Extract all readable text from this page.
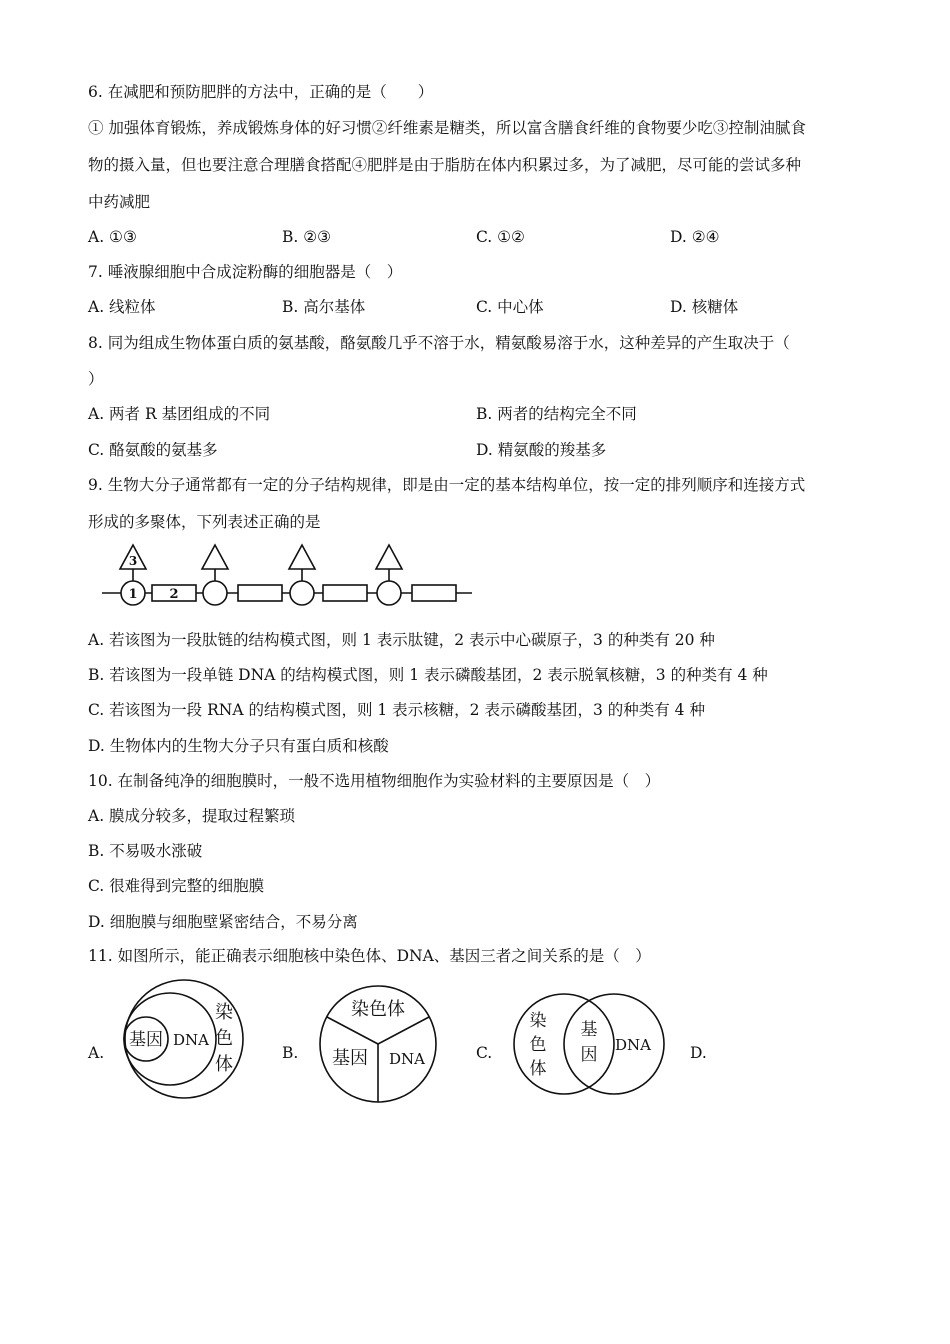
6. 在减肥和预防肥胖的方法中，正确的是（　　）
① 加强体育锻炼，养成锻炼身体的好习惯②纤维素是糖类，所以富含膳食纤维的食物要少吃③控制油腻食
物的摄入量，但也要注意合理膳食搭配④肥胖是由于脂肪在体内积累过多，为了减肥，尽可能的尝试多种
中药减肥
A. ①③	B. ②③	C. ①②	D. ②④
7. 唾液腺细胞中合成淀粉酶的细胞器是（　）
A. 线粒体	B. 高尔基体	C. 中心体	D. 核糖体
8. 同为组成生物体蛋白质的氨基酸，酪氨酸几乎不溶于水，精氨酸易溶于水，这种差异的产生取决于（
）
A. 两者 R 基团组成的不同	B. 两者的结构完全不同
C. 酪氨酸的氨基多	D. 精氨酸的羧基多
9. 生物大分子通常都有一定的分子结构规律，即是由一定的基本结构单位，按一定的排列顺序和连接方式
形成的多聚体，下列表述正确的是
3
1 2
A. 若该图为一段肽链的结构模式图，则 1 表示肽键，2 表示中心碳原子，3 的种类有 20 种
B. 若该图为一段单链 DNA 的结构模式图，则 1 表示磷酸基团，2 表示脱氧核糖，3 的种类有 4 种
C. 若该图为一段 RNA 的结构模式图，则 1 表示核糖，2 表示磷酸基团，3 的种类有 4 种
D. 生物体内的生物大分子只有蛋白质和核酸
10. 在制备纯净的细胞膜时，一般不选用植物细胞作为实验材料的主要原因是（　）
A. 膜成分较多，提取过程繁琐
B. 不易吸水涨破
C. 很难得到完整的细胞膜
D. 细胞膜与细胞壁紧密结合，不易分离
11. 如图所示，能正确表示细胞核中染色体、DNA、基因三者之间关系的是（　）
A.
基因 DNA
染
色
体
B.
染色体
基因 DNA	C.
染
色
体
基
因 DNA	D.
